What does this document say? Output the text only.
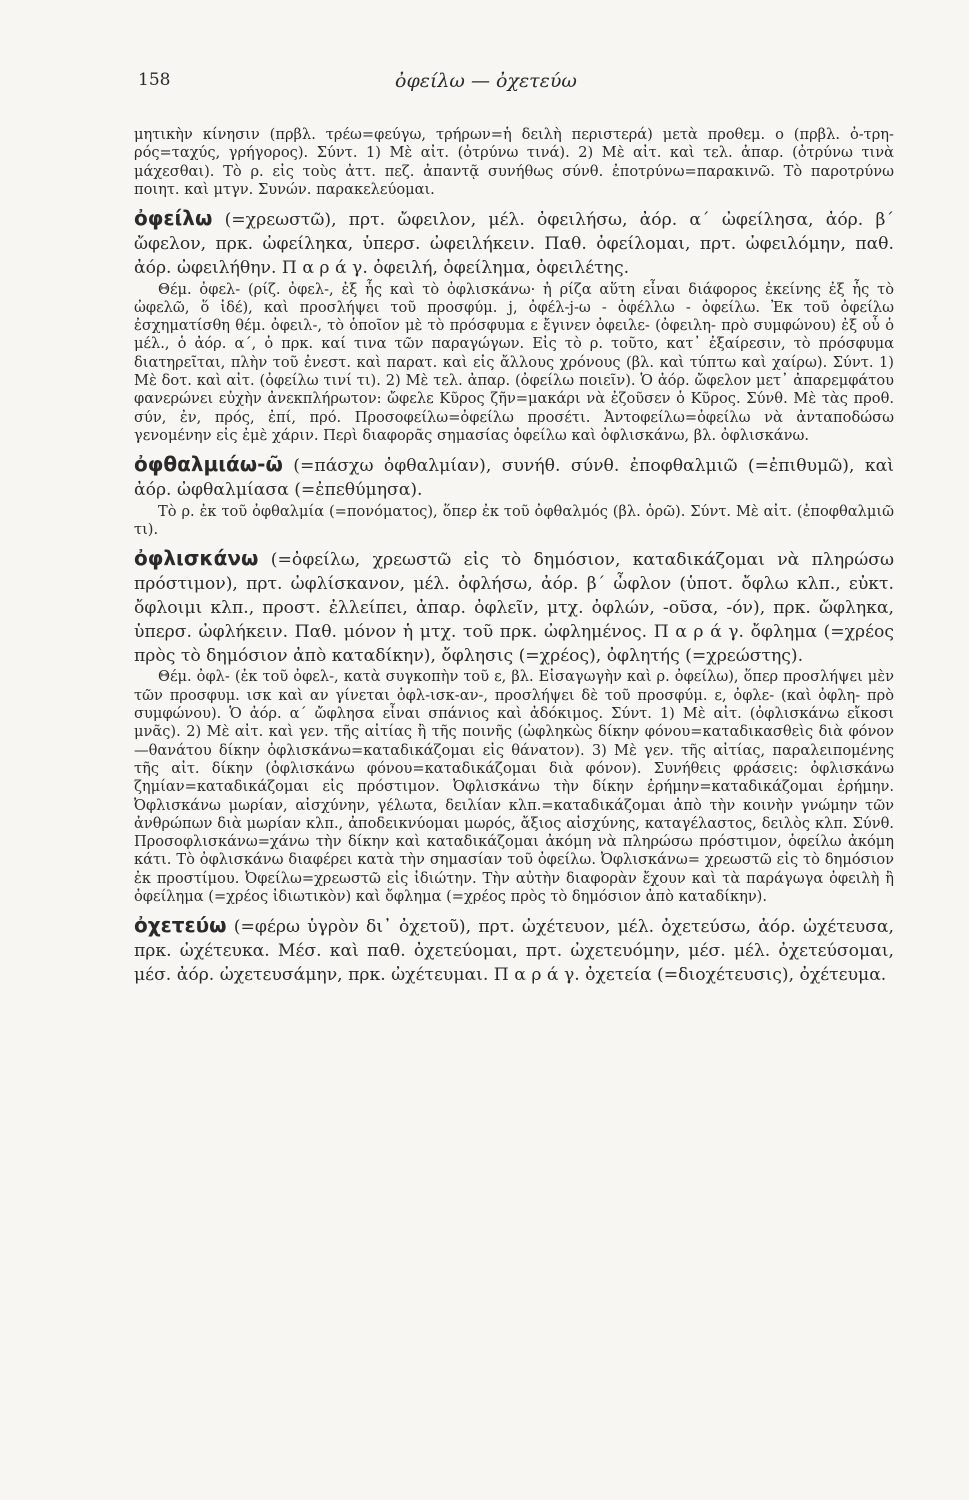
158	ὀφείλω — ὀχετεύω

μητικὴν κίνησιν (πρβλ. τρέω=φεύγω, τρήρων=ἡ δειλὴ περιστερά) μετὰ προθεμ. ο (πρβλ. ὀ-τρη-ρός=ταχύς, γρήγορος). Σύντ. 1) Μὲ αἰτ. (ὀτρύνω τινά). 2) Μὲ αἰτ. καὶ τελ. ἀπαρ. (ὀτρύνω τινὰ μάχεσθαι). Τὸ ρ. εἰς τοὺς ἀττ. πεζ. ἀπαντᾷ συνήθως σύνθ. ἐποτρύνω=παρακινῶ. Τὸ παροτρύνω ποιητ. καὶ μτγν. Συνών. παρακελεύομαι.

ὀφείλω (=χρεωστῶ), πρτ. ὤφειλον, μέλ. ὀφειλήσω, ἀόρ. α΄ ὠφείλησα, ἀόρ. β΄ ὤφελον, πρκ. ὠφείληκα, ὑπερσ. ὠφειλήκειν. Παθ. ὀφείλομαι, πρτ. ὠφειλόμην, παθ. ἀόρ. ὠφειλήθην. Π α ρ ά γ. ὀφειλή, ὀφείλημα, ὀφειλέτης.

Θέμ. ὀφελ- (ρίζ. ὀφελ-, ἐξ ἧς καὶ τὸ ὀφλισκάνω· ἡ ρίζα αὕτη εἶναι διάφορος ἐκείνης ἐξ ἧς τὸ ὠφελῶ, ὅ ἰδέ), καὶ προσλήψει τοῦ προσφύμ. j, ὀφέλ-j-ω - ὀφέλλω - ὀφείλω. Ἐκ τοῦ ὀφείλω ἐσχηματίσθη θέμ. ὀφειλ-, τὸ ὁποῖον μὲ τὸ πρόσφυμα ε ἔγινεν ὀφειλε- (ὀφειλη- πρὸ συμφώνου) ἐξ οὗ ὁ μέλ., ὁ ἀόρ. α΄, ὁ πρκ. καί τινα τῶν παραγώγων. Εἰς τὸ ρ. τοῦτο, κατ᾽ ἐξαίρεσιν, τὸ πρόσφυμα διατηρεῖται, πλὴν τοῦ ἐνεστ. καὶ παρατ. καὶ εἰς ἄλλους χρόνους (βλ. καὶ τύπτω καὶ χαίρω). Σύντ. 1) Μὲ δοτ. καὶ αἰτ. (ὀφείλω τινί τι). 2) Μὲ τελ. ἀπαρ. (ὀφείλω ποιεῖν). Ὁ ἀόρ. ὤφελον μετ᾽ ἀπαρεμφάτου φανερώνει εὐχὴν ἀνεκπλήρωτον: ὤφελε Κῦρος ζῆν=μακάρι νὰ ἐζοῦσεν ὁ Κῦρος. Σύνθ. Μὲ τὰς προθ. σύν, ἐν, πρός, ἐπί, πρό. Προσοφείλω=ὀφείλω προσέτι. Ἀντοφείλω=ὀφείλω νὰ ἀνταποδώσω γενομένην εἰς ἐμὲ χάριν. Περὶ διαφορᾶς σημασίας ὀφείλω καὶ ὀφλισκάνω, βλ. ὀφλισκάνω.

ὀφθαλμιάω-ῶ (=πάσχω ὀφθαλμίαν), συνήθ. σύνθ. ἐποφθαλμιῶ (=ἐπιθυμῶ), καὶ ἀόρ. ὠφθαλμίασα (=ἐπεθύμησα).

Τὸ ρ. ἐκ τοῦ ὀφθαλμία (=πονόματος), ὅπερ ἐκ τοῦ ὀφθαλμός (βλ. ὁρῶ). Σύντ. Μὲ αἰτ. (ἐποφθαλμιῶ τι).

ὀφλισκάνω (=ὀφείλω, χρεωστῶ εἰς τὸ δημόσιον, καταδικάζομαι νὰ πληρώσω πρόστιμον), πρτ. ὠφλίσκανον, μέλ. ὀφλήσω, ἀόρ. β΄ ὦφλον (ὑποτ. ὄφλω κλπ., εὐκτ. ὄφλοιμι κλπ., προστ. ἐλλείπει, ἀπαρ. ὀφλεῖν, μτχ. ὀφλών, -οῦσα, -όν), πρκ. ὤφληκα, ὑπερσ. ὠφλήκειν. Παθ. μόνον ἡ μτχ. τοῦ πρκ. ὠφλημένος. Π α ρ ά γ. ὄφλημα (=χρέος πρὸς τὸ δημόσιον ἀπὸ καταδίκην), ὄφλησις (=χρέος), ὀφλητής (=χρεώστης).

Θέμ. ὀφλ- (ἐκ τοῦ ὀφελ-, κατὰ συγκοπὴν τοῦ ε, βλ. Εἰσαγωγὴν καὶ ρ. ὀφείλω), ὅπερ προσλήψει μὲν τῶν προσφυμ. ισκ καὶ αν γίνεται ὀφλ-ισκ-αν-, προσλήψει δὲ τοῦ προσφύμ. ε, ὀφλε- (καὶ ὀφλη- πρὸ συμφώνου). Ὁ ἀόρ. α΄ ὤφλησα εἶναι σπάνιος καὶ ἀδόκιμος. Σύντ. 1) Μὲ αἰτ. (ὀφλισκάνω εἴκοσι μνᾶς). 2) Μὲ αἰτ. καὶ γεν. τῆς αἰτίας ἢ τῆς ποινῆς (ὠφληκὼς δίκην φόνου=καταδικασθεὶς διὰ φόνον—θανάτου δίκην ὀφλισκάνω=καταδικάζομαι εἰς θάνατον). 3) Μὲ γεν. τῆς αἰτίας, παραλειπομένης τῆς αἰτ. δίκην (ὀφλισκάνω φόνου=καταδικάζομαι διὰ φόνον). Συνήθεις φράσεις: ὀφλισκάνω ζημίαν=καταδικάζομαι εἰς πρόστιμον. Ὀφλισκάνω τὴν δίκην ἐρήμην=καταδικάζομαι ἐρήμην. Ὀφλισκάνω μωρίαν, αἰσχύνην, γέλωτα, δειλίαν κλπ.=καταδικάζομαι ἀπὸ τὴν κοινὴν γνώμην τῶν ἀνθρώπων διὰ μωρίαν κλπ., ἀποδεικνύομαι μωρός, ἄξιος αἰσχύνης, καταγέλαστος, δειλὸς κλπ. Σύνθ. Προσοφλισκάνω=χάνω τὴν δίκην καὶ καταδικάζομαι ἀκόμη νὰ πληρώσω πρόστιμον, ὀφείλω ἀκόμη κάτι. Τὸ ὀφλισκάνω διαφέρει κατὰ τὴν σημασίαν τοῦ ὀφείλω. Ὀφλισκάνω= χρεωστῶ εἰς τὸ δημόσιον ἐκ προστίμου. Ὀφείλω=χρεωστῶ εἰς ἰδιώτην. Τὴν αὐτὴν διαφορὰν ἔχουν καὶ τὰ παράγωγα ὀφειλὴ ἢ ὀφείλημα (=χρέος ἰδιωτικὸν) καὶ ὄφλημα (=χρέος πρὸς τὸ δημόσιον ἀπὸ καταδίκην).

ὀχετεύω (=φέρω ὑγρὸν δι᾽ ὀχετοῦ), πρτ. ὠχέτευον, μέλ. ὀχετεύσω, ἀόρ. ὠχέτευσα, πρκ. ὠχέτευκα. Μέσ. καὶ παθ. ὀχετεύομαι, πρτ. ὠχετευόμην, μέσ. μέλ. ὀχετεύσομαι, μέσ. ἀόρ. ὠχετευσάμην, πρκ. ὠχέτευμαι. Π α ρ ά γ. ὀχετεία (=διοχέτευσις), ὀχέτευμα.
